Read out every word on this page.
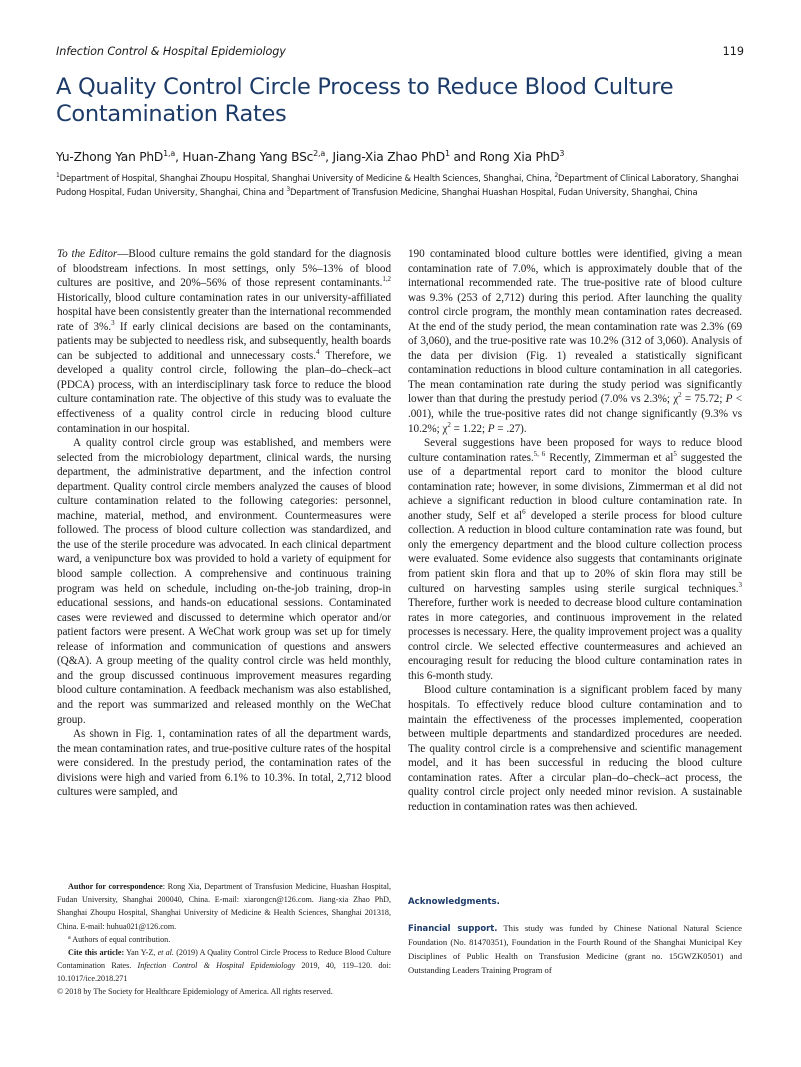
Infection Control & Hospital Epidemiology	119
A Quality Control Circle Process to Reduce Blood Culture Contamination Rates
Yu-Zhong Yan PhD$^{1,a}$, Huan-Zhang Yang BSc$^{2,a}$, Jiang-Xia Zhao PhD$^1$ and Rong Xia PhD$^3$
$^1$Department of Hospital, Shanghai Zhoupu Hospital, Shanghai University of Medicine & Health Sciences, Shanghai, China, $^2$Department of Clinical Laboratory, Shanghai Pudong Hospital, Fudan University, Shanghai, China and $^3$Department of Transfusion Medicine, Shanghai Huashan Hospital, Fudan University, Shanghai, China

To the Editor—Blood culture remains the gold standard for the diagnosis of bloodstream infections. In most settings, only 5%–13% of blood cultures are positive, and 20%–56% of those represent contaminants.$^{1,2}$ Historically, blood culture contamination rates in our university-affiliated hospital have been consistently greater than the international recommended rate of 3%.$^3$ If early clinical decisions are based on the contaminants, patients may be subjected to needless risk, and subsequently, health boards can be subjected to additional and unnecessary costs.$^4$ Therefore, we developed a quality control circle, following the plan–do–check–act (PDCA) process, with an interdisciplinary task force to reduce the blood culture contamination rate. The objective of this study was to evaluate the effectiveness of a quality control circle in reducing blood culture contamination in our hospital.

A quality control circle group was established, and members were selected from the microbiology department, clinical wards, the nursing department, the administrative department, and the infection control department. Quality control circle members analyzed the causes of blood culture contamination related to the following categories: personnel, machine, material, method, and environment. Countermeasures were followed. The process of blood culture collection was standardized, and the use of the sterile procedure was advocated. In each clinical department ward, a venipuncture box was provided to hold a variety of equipment for blood sample collection. A comprehensive and continuous training program was held on schedule, including on-the-job training, drop-in educational sessions, and hands-on educational sessions. Contaminated cases were reviewed and discussed to determine which operator and/or patient factors were present. A WeChat work group was set up for timely release of information and communication of questions and answers (Q&A). A group meeting of the quality control circle was held monthly, and the group discussed continuous improvement measures regarding blood culture contamination. A feedback mechanism was also established, and the report was summarized and released monthly on the WeChat group.

As shown in Fig. 1, contamination rates of all the department wards, the mean contamination rates, and true-positive culture rates of the hospital were considered. In the prestudy period, the contamination rates of the divisions were high and varied from 6.1% to 10.3%. In total, 2,712 blood cultures were sampled, and

190 contaminated blood culture bottles were identified, giving a mean contamination rate of 7.0%, which is approximately double that of the international recommended rate. The true-positive rate of blood culture was 9.3% (253 of 2,712) during this period. After launching the quality control circle program, the monthly mean contamination rates decreased. At the end of the study period, the mean contamination rate was 2.3% (69 of 3,060), and the true-positive rate was 10.2% (312 of 3,060). Analysis of the data per division (Fig. 1) revealed a statistically significant contamination reductions in blood culture contamination in all categories. The mean contamination rate during the study period was significantly lower than that during the prestudy period (7.0% vs 2.3%; $\chi^2 = 75.72$; P < .001), while the true-positive rates did not change significantly (9.3% vs 10.2%; $\chi^2 = 1.22$; P = .27).

Several suggestions have been proposed for ways to reduce blood culture contamination rates.$^{5, 6}$ Recently, Zimmerman et $al^5$ suggested the use of a departmental report card to monitor the blood culture contamination rate; however, in some divisions, Zimmerman et al did not achieve a significant reduction in blood culture contamination rate. In another study, Self et $al^6$ developed a sterile process for blood culture collection. A reduction in blood culture contamination rate was found, but only the emergency department and the blood culture collection process were evaluated. Some evidence also suggests that contaminants originate from patient skin flora and that up to 20% of skin flora may still be cultured on harvesting samples using sterile surgical techniques.$^3$ Therefore, further work is needed to decrease blood culture contamination rates in more categories, and continuous improvement in the related processes is necessary. Here, the quality improvement project was a quality control circle. We selected effective countermeasures and achieved an encouraging result for reducing the blood culture contamination rates in this 6-month study.

Blood culture contamination is a significant problem faced by many hospitals. To effectively reduce blood culture contamination and to maintain the effectiveness of the processes implemented, cooperation between multiple departments and standardized procedures are needed. The quality control circle is a comprehensive and scientific management model, and it has been successful in reducing the blood culture contamination rates. After a circular plan–do–check–act process, the quality control circle project only needed minor revision. A sustainable reduction in contamination rates was then achieved.

Author for correspondence: Rong Xia, Department of Transfusion Medicine, Huashan Hospital, Fudan University, Shanghai 200040, China. E-mail: xiarongcn@126.com. Jiang-xia Zhao PhD, Shanghai Zhoupu Hospital, Shanghai University of Medicine & Health Sciences, Shanghai 201318, China. E-mail: huhua021@126.com.

$^a$ Authors of equal contribution.

Cite this article: Yan Y-Z, et al. (2019) A Quality Control Circle Process to Reduce Blood Culture Contamination Rates. Infection Control & Hospital Epidemiology 2019, 40, 119–120. doi: 10.1017/ice.2018.271

© 2018 by The Society for Healthcare Epidemiology of America. All rights reserved.
Acknowledgments.

Financial support. This study was funded by Chinese National Natural Science Foundation (No. 81470351), Foundation in the Fourth Round of the Shanghai Municipal Key Disciplines of Public Health on Transfusion Medicine (grant no. 15GWZK0501) and Outstanding Leaders Training Program of
